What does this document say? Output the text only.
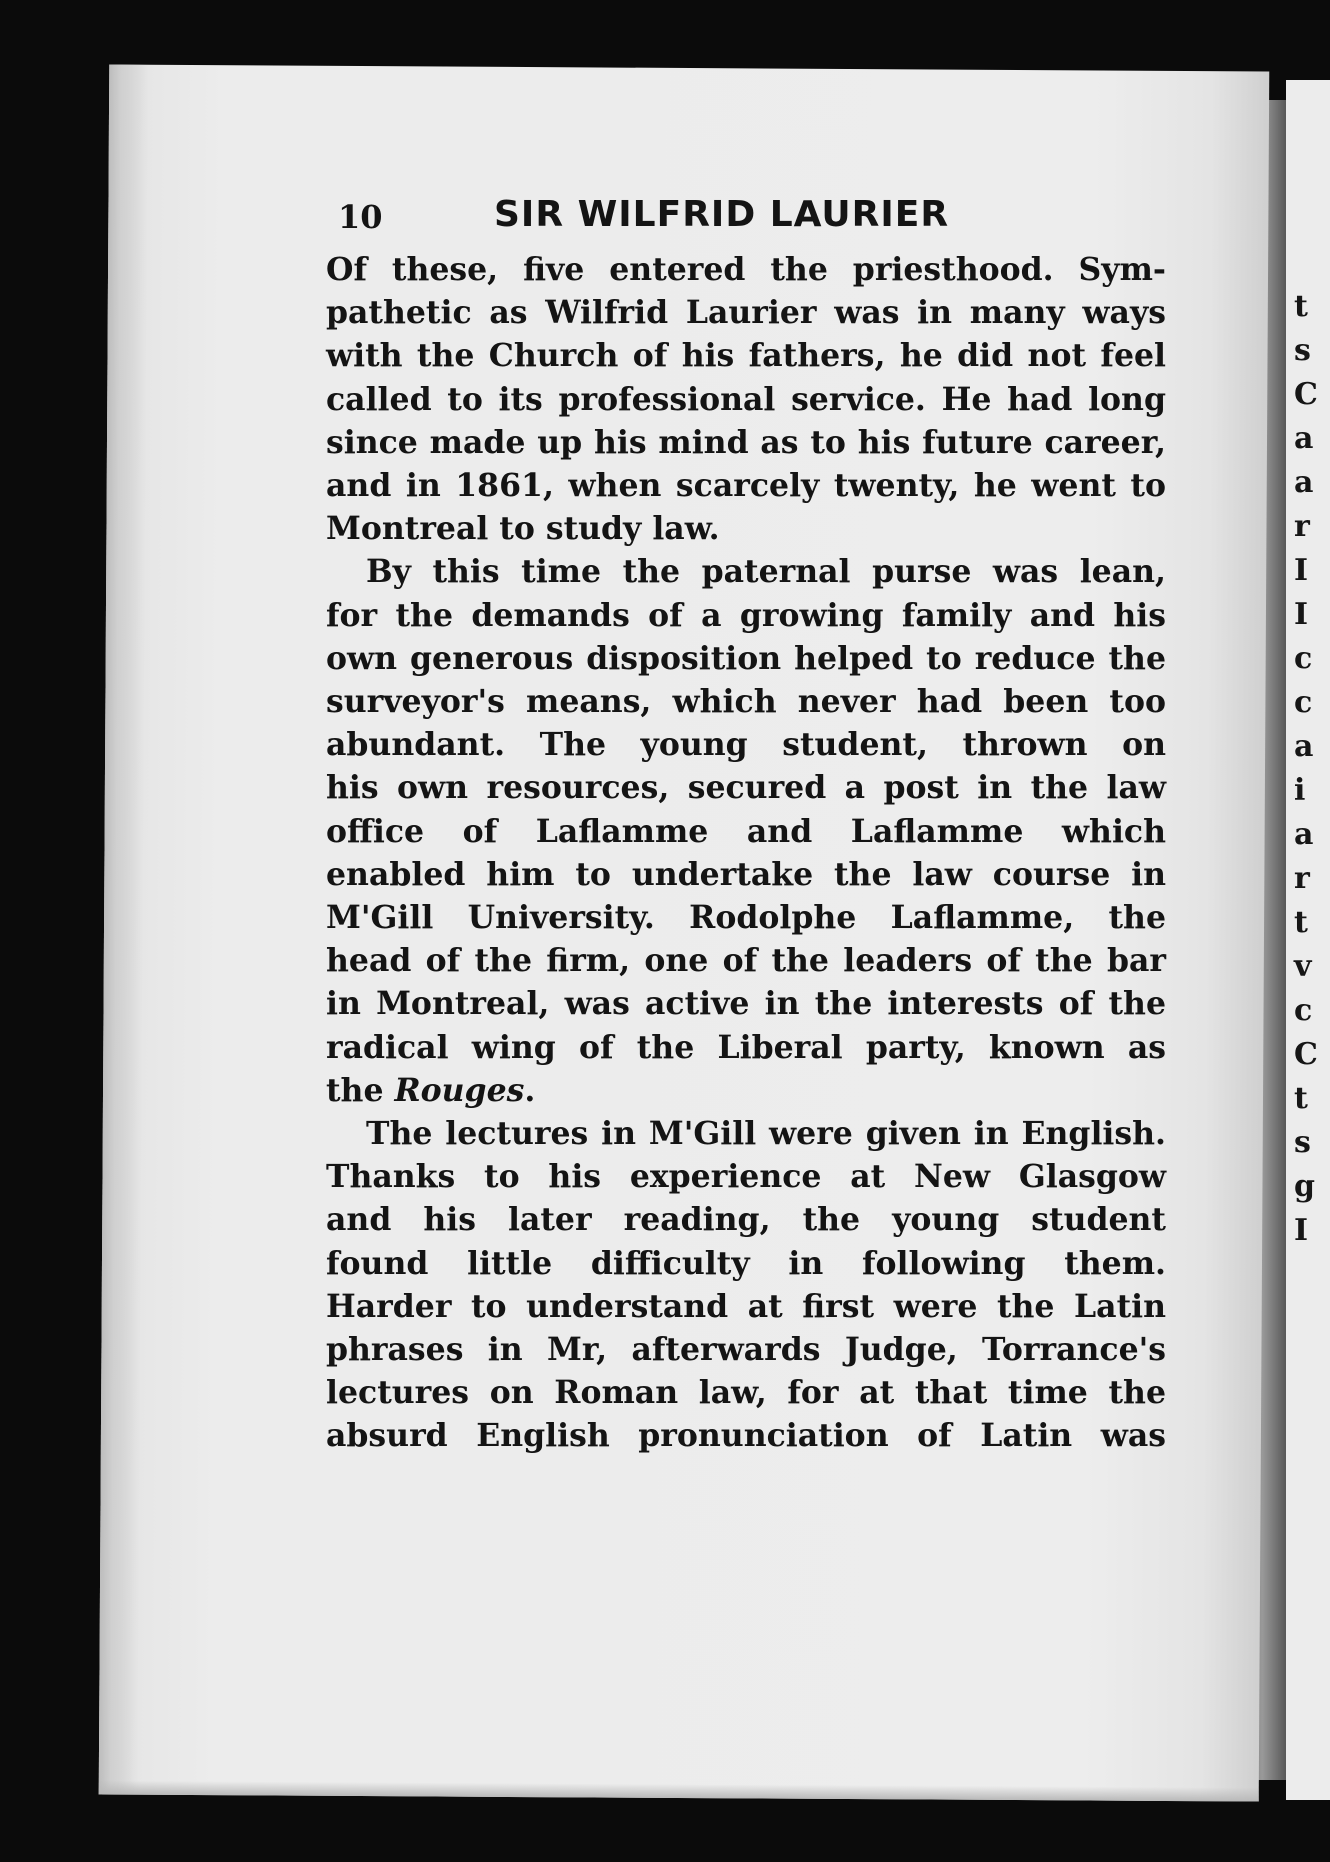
t
s
C
a
a
r
I
I
c
c
a
i
a
r
t
v
c
C
t
s
g
I
10	SIR WILFRID LAURIER

Of these, five entered the priesthood. Sym-
pathetic as Wilfrid Laurier was in many ways
with the Church of his fathers, he did not feel
called to its professional service. He had long
since made up his mind as to his future career,
and in 1861, when scarcely twenty, he went to
Montreal to study law.

By this time the paternal purse was lean,
for the demands of a growing family and his
own generous disposition helped to reduce the
surveyor's means, which never had been too
abundant. The young student, thrown on
his own resources, secured a post in the law
office of Laflamme and Laflamme which
enabled him to undertake the law course in
M'Gill University. Rodolphe Laflamme, the
head of the firm, one of the leaders of the bar
in Montreal, was active in the interests of the
radical wing of the Liberal party, known as
the Rouges.

The lectures in M'Gill were given in English.
Thanks to his experience at New Glasgow
and his later reading, the young student
found little difficulty in following them.
Harder to understand at first were the Latin
phrases in Mr, afterwards Judge, Torrance's
lectures on Roman law, for at that time the
absurd English pronunciation of Latin was
